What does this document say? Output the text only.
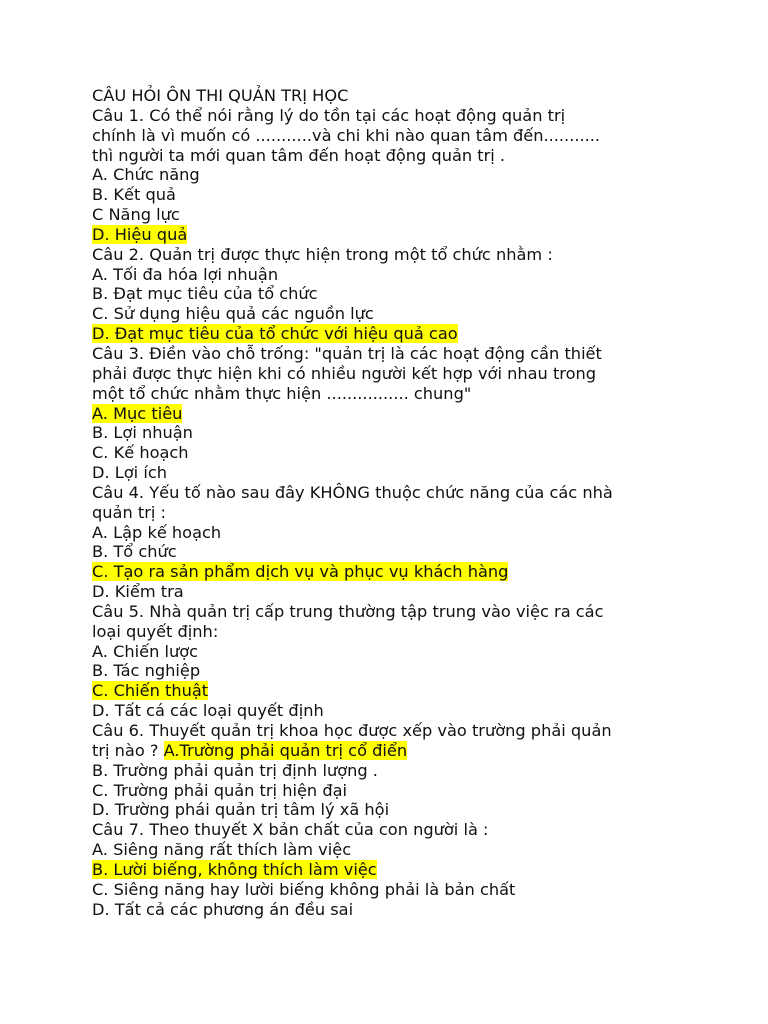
CÂU HỎI ÔN THI QUẢN TRỊ HỌC

Câu 1. Có thể nói rằng lý do tồn tại các hoạt động quản trị

chính là vì muốn có ...........và chi khi nào quan tâm đến...........

thì người ta mới quan tâm đến hoạt động quản trị .

A. Chức năng

B. Kết quả

C Năng lực

D. Hiệu quả

Câu 2. Quản trị được thực hiện trong một tổ chức nhằm :

A. Tối đa hóa lợi nhuận

B. Đạt mục tiêu của tổ chức

C. Sử dụng hiệu quả các nguồn lực

D. Đạt mục tiêu của tổ chức với hiệu quả cao

Câu 3. Điền vào chỗ trống: "quản trị là các hoạt động cần thiết

phải được thực hiện khi có nhiều người kết hợp với nhau trong

một tổ chức nhằm thực hiện ................ chung"

A. Mục tiêu

B. Lợi nhuận

C. Kế hoạch

D. Lợi ích

Câu 4. Yếu tố nào sau đây KHÔNG thuộc chức năng của các nhà

quản trị :

A. Lập kế hoạch

B. Tổ chức

C. Tạo ra sản phẩm dịch vụ và phục vụ khách hàng

D. Kiểm tra

Câu 5. Nhà quản trị cấp trung thường tập trung vào việc ra các

loại quyết định:

A. Chiến lược

B. Tác nghiệp

C. Chiến thuật

D. Tất cá các loại quyết định

Câu 6. Thuyết quản trị khoa học được xếp vào trường phải quản

trị nào ? A.Trường phải quản trị cổ điển

B. Trường phải quản trị định lượng .

C. Trường phải quản trị hiện đại

D. Trường phái quản trị tâm lý xã hội

Câu 7. Theo thuyết X bản chất của con người là :

A. Siêng năng rất thích làm việc

B. Lười biếng, không thích làm việc

C. Siêng năng hay lười biếng không phải là bản chất

D. Tất cả các phương án đều sai
